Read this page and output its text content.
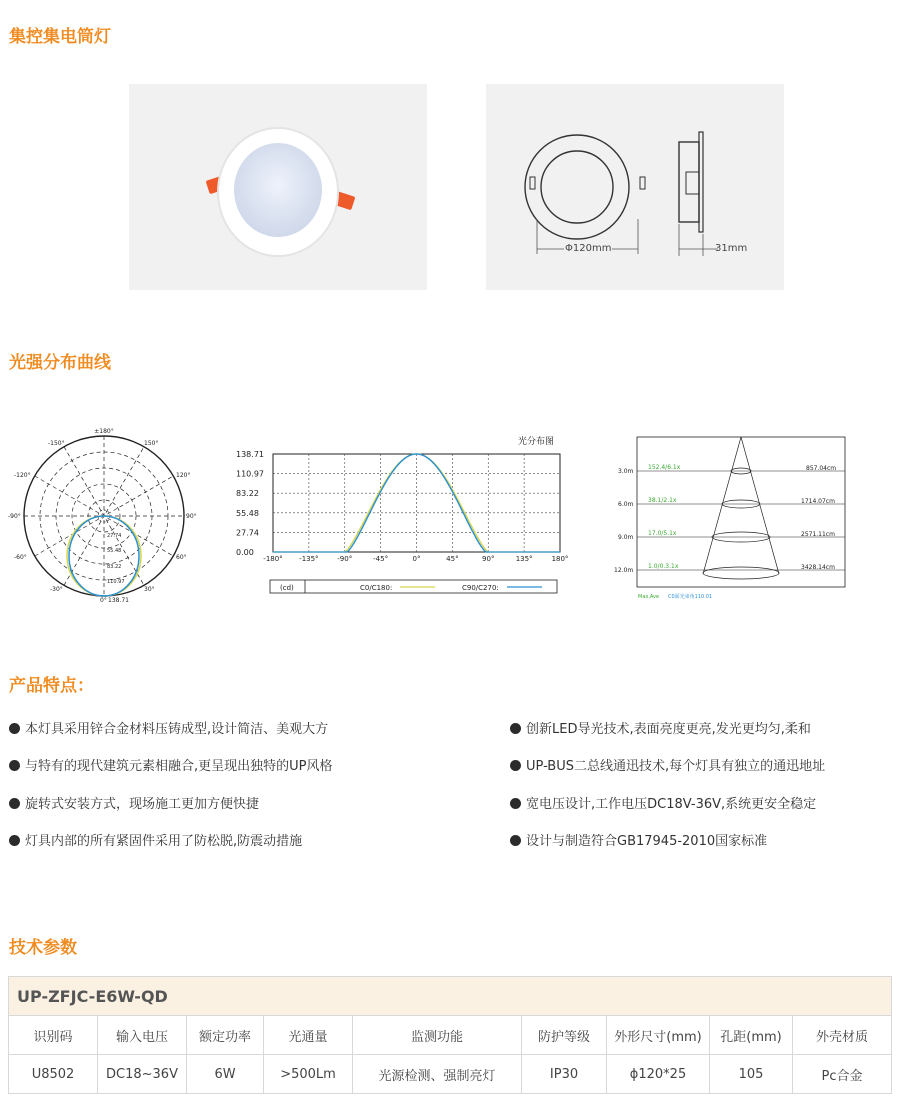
集控集电筒灯
光强分布曲线
产品特点：
技术参数
Φ120mm	31mm
±180°
150°
-150°
120°
-120°
90°
-90°
60°
-60°
30°
-30°
0° 138.71
27.74
55.48
83.22
110.97
光分布图
138.71
110.97
83.22
55.48
27.74
0.00
-180° -135°	-90°	-45°	0°	45°	90°	135°	180°
(cd)	C0/C180:	C90/C270:
3.0m
152.4/6.1x	857.04cm
6.0m
38.1/2.1x	1714.07cm
9.0m
17.0/5.1x	2571.11cm
12.0m
1.0/0.3.1x	3428.14cm
Max,Ave C0面光束角110.01
本灯具采用锌合金材料压铸成型,设计简洁、美观大方	创新LED导光技术,表面亮度更亮,发光更均匀,柔和
与特有的现代建筑元素相融合,更呈现出独特的UP风格	UP-BUS二总线通迅技术,每个灯具有独立的通迅地址
旋转式安装方式，现场施工更加方便快捷	宽电压设计,工作电压DC18V-36V,系统更安全稳定
灯具内部的所有紧固件采用了防松脱,防震动措施	设计与制造符合GB17945-2010国家标准
UP-ZFJC-E6W-QD								
识别码	输入电压	额定功率	光通量	监测功能	防护等级	外形尺寸(mm)	孔距(mm)	外壳材质
U8502	DC18~36V	6W	>500Lm	光源检测、强制亮灯	IP30	ϕ120*25	105	Pc合金
